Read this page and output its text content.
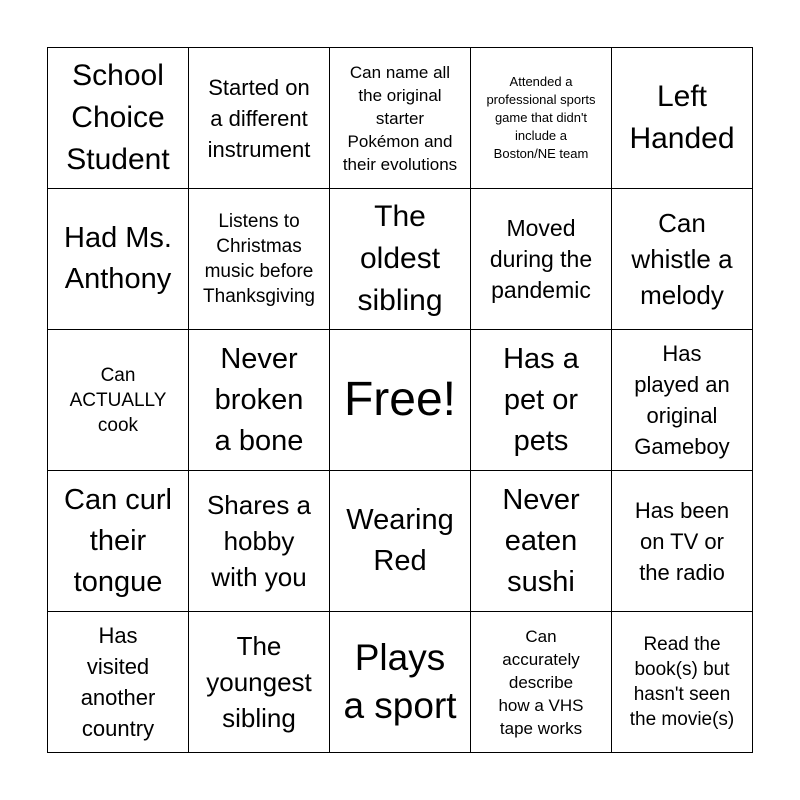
School
Choice
Student
Started on
a different
instrument
Can name all
the original
starter
Pokémon and
their evolutions
Attended a
professional sports
game that didn't
include a
Boston/NE team
Left
Handed
Had Ms.
Anthony
Listens to
Christmas
music before
Thanksgiving
The
oldest
sibling
Moved
during the
pandemic
Can
whistle a
melody
Can
ACTUALLY
cook
Never
broken
a bone
Free!
Has a
pet or
pets
Has
played an
original
Gameboy
Can curl
their
tongue
Shares a
hobby
with you
Wearing
Red
Never
eaten
sushi
Has been
on TV or
the radio
Has
visited
another
country
The
youngest
sibling
Plays
a sport
Can
accurately
describe
how a VHS
tape works
Read the
book(s) but
hasn't seen
the movie(s)
